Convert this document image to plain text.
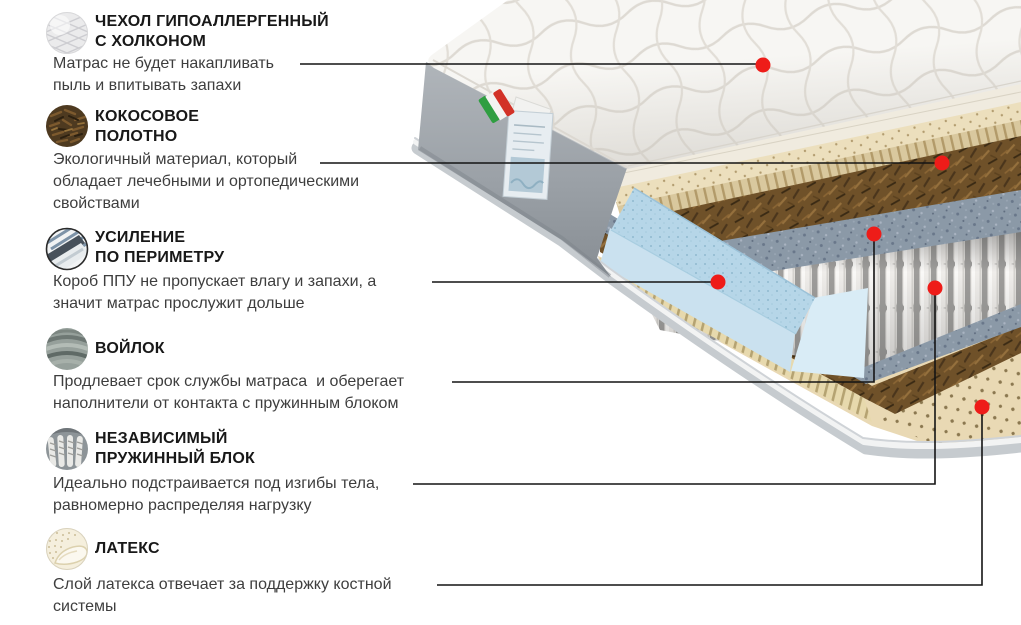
ЧЕХОЛ ГИПОАЛЛЕРГЕННЫЙ
С ХОЛКОНОМ
Матрас не будет накапливать
пыль и впитывать запахи
КОКОСОВОЕ
ПОЛОТНО
Экологичный материал, который
обладает лечебными и ортопедическими
свойствами
УСИЛЕНИЕ
ПО ПЕРИМЕТРУ
Короб ППУ не пропускает влагу и запахи, а
значит матрас прослужит дольше
ВОЙЛОК
Продлевает срок службы матраса  и оберегает
наполнители от контакта с пружинным блоком
НЕЗАВИСИМЫЙ
ПРУЖИННЫЙ БЛОК
Идеально подстраивается под изгибы тела,
равномерно распределяя нагрузку
ЛАТЕКС
Слой латекса отвечает за поддержку костной
системы
